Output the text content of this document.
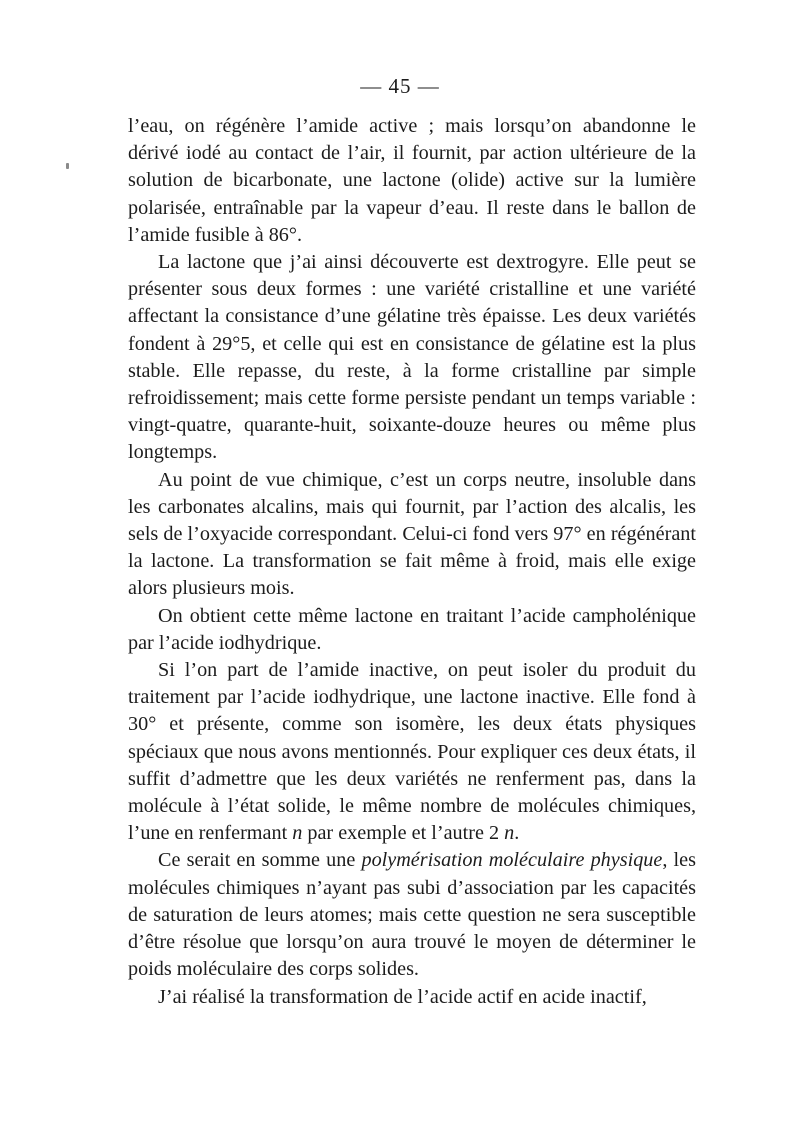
— 45 —

l’eau, on régénère l’amide active ; mais lorsqu’on abandonne le dérivé iodé au contact de l’air, il fournit, par action ultérieure de la solution de bicarbonate, une lactone (olide) active sur la lumière polarisée, entraînable par la vapeur d’eau. Il reste dans le ballon de l’amide fusible à 86°.

La lactone que j’ai ainsi découverte est dextrogyre. Elle peut se présenter sous deux formes : une variété cristalline et une variété affectant la consistance d’une gélatine très épaisse. Les deux variétés fondent à 29°5, et celle qui est en consistance de gélatine est la plus stable. Elle repasse, du reste, à la forme cristalline par simple refroidissement; mais cette forme persiste pendant un temps variable : vingt-quatre, quarante-huit, soixante-douze heures ou même plus longtemps.

Au point de vue chimique, c’est un corps neutre, insoluble dans les carbonates alcalins, mais qui fournit, par l’action des alcalis, les sels de l’oxyacide correspondant. Celui-ci fond vers 97° en régénérant la lactone. La transformation se fait même à froid, mais elle exige alors plusieurs mois.

On obtient cette même lactone en traitant l’acide campholénique par l’acide iodhydrique.

Si l’on part de l’amide inactive, on peut isoler du produit du traitement par l’acide iodhydrique, une lactone inactive. Elle fond à 30° et présente, comme son isomère, les deux états physiques spéciaux que nous avons mentionnés. Pour expliquer ces deux états, il suffit d’admettre que les deux variétés ne renferment pas, dans la molécule à l’état solide, le même nombre de molécules chimiques, l’une en renfermant n par exemple et l’autre 2 n.

Ce serait en somme une polymérisation moléculaire physique, les molécules chimiques n’ayant pas subi d’association par les capacités de saturation de leurs atomes; mais cette question ne sera susceptible d’être résolue que lorsqu’on aura trouvé le moyen de déterminer le poids moléculaire des corps solides.

J’ai réalisé la transformation de l’acide actif en acide inactif,
